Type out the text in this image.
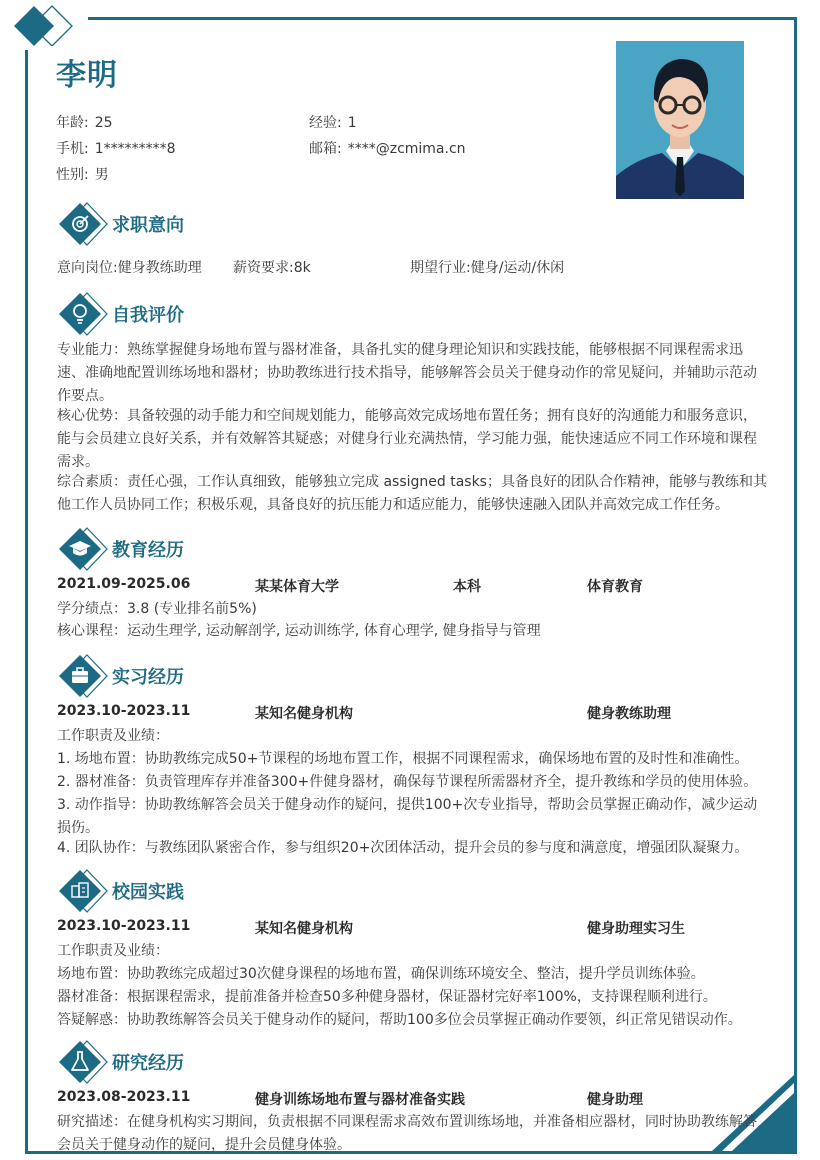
李明
年龄: 25	经验: 1
手机: 1*********8	邮箱: ****@zcmima.cn
性别: 男
求职意向
意向岗位:健身教练助理 薪资要求:8k	期望行业:健身/运动/休闲
自我评价
专业能力：熟练掌握健身场地布置与器材准备，具备扎实的健身理论知识和实践技能，能够根据不同课程需求迅速、准确地配置训练场地和器材；协助教练进行技术指导，能够解答会员关于健身动作的常见疑问，并辅助示范动作要点。
核心优势：具备较强的动手能力和空间规划能力，能够高效完成场地布置任务；拥有良好的沟通能力和服务意识，能与会员建立良好关系，并有效解答其疑惑；对健身行业充满热情，学习能力强，能快速适应不同工作环境和课程需求。
综合素质：责任心强，工作认真细致，能够独立完成 assigned tasks；具备良好的团队合作精神，能够与教练和其他工作人员协同工作；积极乐观，具备良好的抗压能力和适应能力，能够快速融入团队并高效完成工作任务。
教育经历
2021.09-2025.06	某某体育大学	本科	体育教育
学分绩点：3.8 (专业排名前5%)
核心课程：运动生理学, 运动解剖学, 运动训练学, 体育心理学, 健身指导与管理
实习经历
2023.10-2023.11	某知名健身机构	健身教练助理
工作职责及业绩：
1. 场地布置：协助教练完成50+节课程的场地布置工作，根据不同课程需求，确保场地布置的及时性和准确性。
2. 器材准备：负责管理库存并准备300+件健身器材，确保每节课程所需器材齐全，提升教练和学员的使用体验。
3. 动作指导：协助教练解答会员关于健身动作的疑问，提供100+次专业指导，帮助会员掌握正确动作，减少运动损伤。
4. 团队协作：与教练团队紧密合作，参与组织20+次团体活动，提升会员的参与度和满意度，增强团队凝聚力。
校园实践
2023.10-2023.11	某知名健身机构	健身助理实习生
工作职责及业绩：
场地布置：协助教练完成超过30次健身课程的场地布置，确保训练环境安全、整洁，提升学员训练体验。
器材准备：根据课程需求，提前准备并检查50多种健身器材，保证器材完好率100%，支持课程顺利进行。
答疑解惑：协助教练解答会员关于健身动作的疑问，帮助100多位会员掌握正确动作要领，纠正常见错误动作。
研究经历
2023.08-2023.11	健身训练场地布置与器材准备实践	健身助理
研究描述：在健身机构实习期间，负责根据不同课程需求高效布置训练场地，并准备相应器材，同时协助教练解答会员关于健身动作的疑问，提升会员健身体验。
